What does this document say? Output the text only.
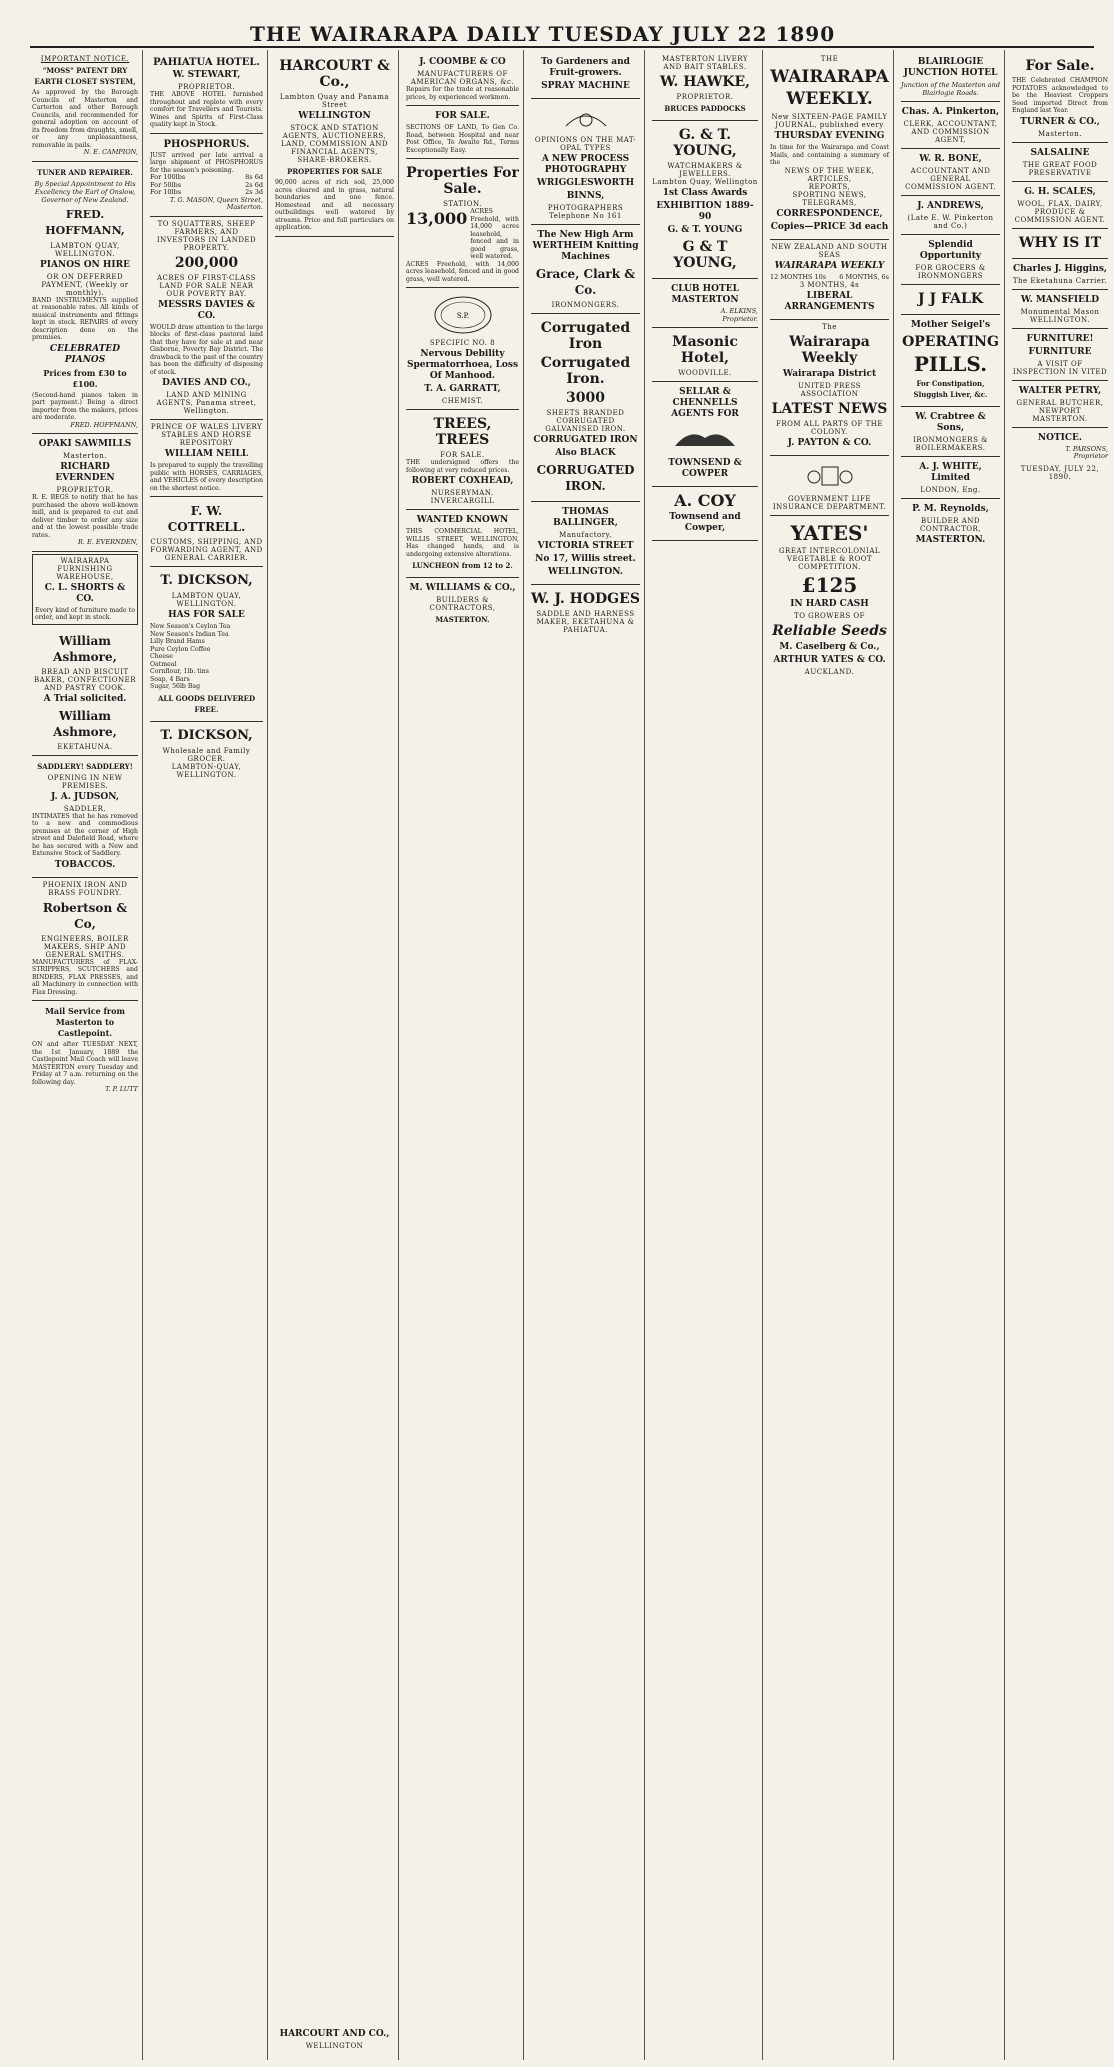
THE WAIRARAPA DAILY TUESDAY JULY 22 1890
IMPORTANT NOTICE.
"MOSS" PATENT DRY EARTH CLOSET SYSTEM,
As approved by the Borough Councils of Masterton and Carterton and other Borough Councils, and recommended for general adoption on account of its freedom from draughts, smell, or any unpleasantness, removable in pails.
N. E. CAMPION,
TUNER AND REPAIRER.
By Special Appointment to His Excellency the Earl of Onslow, Governor of New Zealand.
FRED. HOFFMANN,
LAMBTON QUAY, WELLINGTON.
PIANOS ON HIRE
OR ON DEFERRED PAYMENT, (Weekly or monthly).
BAND INSTRUMENTS supplied at reasonable rates. All kinds of musical instruments and fittings kept in stock. REPAIRS of every description done on the premises.
CELEBRATED PIANOS
Prices from £30 to £100.
(Second-hand pianos taken in part payment.) Being a direct importer from the makers, prices are moderate.
FRED. HOFFMANN,
OPAKI SAWMILLS
Masterton.
RICHARD EVERNDEN
PROPRIETOR.
R. E. BEGS to notify that he has purchased the above well-known mill, and is prepared to cut and deliver timber to order any size and at the lowest possible trade rates.
R. E. EVERNDEN,
WAIRARAPA FURNISHING WAREHOUSE,
C. L. SHORTS & CO.
Every kind of furniture made to order, and kept in stock.
William Ashmore,
BREAD AND BISCUIT BAKER, CONFECTIONER AND PASTRY COOK.
A Trial solicited.
William Ashmore,
EKETAHUNA.
SADDLERY! SADDLERY!
OPENING IN NEW PREMISES.
J. A. JUDSON,
SADDLER.
INTIMATES that he has removed to a new and commodious premises at the corner of High street and Dalefield Road, where he has secured with a New and Extensive Stock of Saddlery.
TOBACCOS.
PHOENIX IRON AND BRASS FOUNDRY.
Robertson & Co,
ENGINEERS, BOILER MAKERS, SHIP AND GENERAL SMITHS.
MANUFACTURERS of FLAX-STRIPPERS, SCUTCHERS and BINDERS, FLAX PRESSES, and all Machinery in connection with Flax Dressing.
Mail Service from Masterton to Castlepoint.
ON and after TUESDAY NEXT, the 1st January, 1889 the Castlepoint Mail Coach will leave MASTERTON every Tuesday and Friday at 7 a.m. returning on the following day.
T. P. LUTT
PAHIATUA HOTEL.
W. STEWART,
PROPRIETOR.
THE ABOVE HOTEL furnished throughout and replete with every comfort for Travellers and Tourists. Wines and Spirits of First-Class quality kept in Stock.
PHOSPHORUS.
JUST arrived per late arrival a large shipment of PHOSPHORUS for the season's poisoning.
For 100lbs	8s 6d
For 50lbs	2s 6d
For 10lbs	2s 3d
T. G. MASON, Queen Street, Masterton.
TO SQUATTERS, SHEEP FARMERS, AND INVESTORS IN LANDED PROPERTY.
200,000
ACRES OF FIRST-CLASS LAND FOR SALE NEAR OUR POVERTY BAY.
MESSRS DAVIES & CO.
WOULD draw attention to the large blocks of first-class pastoral land that they have for sale at and near Gisborne, Poverty Bay District. The drawback to the past of the country has been the difficulty of disposing of stock.
DAVIES AND CO.,
LAND AND MINING AGENTS, Panama street, Wellington.
PRINCE OF WALES LIVERY STABLES AND HORSE REPOSITORY
WILLIAM NEILL
Is prepared to supply the travelling public with HORSES, CARRIAGES, and VEHICLES of every description on the shortest notice.
F. W. COTTRELL.
CUSTOMS, SHIPPING, AND FORWARDING AGENT, AND GENERAL CARRIER.
T. DICKSON,
LAMBTON QUAY, WELLINGTON.
HAS FOR SALE
New Season's Ceylon Tea
New Season's Indian Tea
Lilly Brand Hams
Pure Ceylon Coffee
Cheese
Oatmeal
Cornflour, 1lb. tins
Soap, 4 Bars
Sugar, 56lb Bag
ALL GOODS DELIVERED FREE.
T. DICKSON,
Wholesale and Family GROCER.
LAMBTON-QUAY, WELLINGTON.
HARCOURT & Co.,
Lambton Quay and Panama Street
WELLINGTON
STOCK AND STATION AGENTS, AUCTIONEERS, LAND, COMMISSION AND FINANCIAL AGENTS, SHARE-BROKERS.
PROPERTIES FOR SALE
90,000 acres of rich soil, 25,000 acres cleared and in grass, natural boundaries and one fence. Homestead and all necessary outbuildings well watered by streams. Price and full particulars on application.
HARCOURT AND CO.,
WELLINGTON
J. COOMBE & CO
MANUFACTURERS OF AMERICAN ORGANS, &c.
Repairs for the trade at reasonable prices, by experienced workmen.
FOR SALE.
SECTIONS OF LAND, To Gen Co. Road, between Hospital and near Post Office, Te Awaite Rd., Terms Exceptionally Easy.
Properties For Sale.
STATION.
13,000 ACRES Freehold, with 14,000 acres leasehold, fenced and in good grass, well watered.
ACRES Freehold, with 14,000 acres leasehold, fenced and in good grass, well watered.
S.P.
SPECIFIC NO. 8
Nervous Debility Spermatorrhoea, Loss Of Manhood.
T. A. GARRATT,
CHEMIST.
TREES, TREES
FOR SALE.
THE undersigned offers the following at very reduced prices.
ROBERT COXHEAD,
NURSERYMAN.
INVERCARGILL
WANTED KNOWN
THIS COMMERCIAL HOTEL, WILLIS STREET, WELLINGTON, Has changed hands, and is undergoing extensive alterations.
LUNCHEON from 12 to 2.
M. WILLIAMS & CO.,
BUILDERS & CONTRACTORS,
MASTERTON.
To Gardeners and Fruit-growers.
SPRAY MACHINE
OPINIONS ON THE MAT-OPAL TYPES
A NEW PROCESS PHOTOGRAPHY
WRIGGLESWORTH
BINNS,
PHOTOGRAPHERS
Telephone No 161
The New High Arm WERTHEIM Knitting Machines
Grace, Clark & Co.
IRONMONGERS.
Corrugated Iron
Corrugated Iron.
3000
SHEETS BRANDED CORRUGATED GALVANISED IRON.
CORRUGATED IRON
Also BLACK
CORRUGATED IRON.
THOMAS BALLINGER,
Manufactory,
VICTORIA STREET
No 17, Willis street.
WELLINGTON.
W. J. HODGES
SADDLE AND HARNESS MAKER, EKETAHUNA & PAHIATUA.
MASTERTON LIVERY AND BAIT STABLES.
W. HAWKE,
PROPRIETOR.
BRUCES PADDOCKS
G. & T. YOUNG,
WATCHMAKERS & JEWELLERS.
Lambton Quay, Wellington
1st Class Awards
EXHIBITION 1889-90
G. & T. YOUNG
G & T YOUNG,
CLUB HOTEL MASTERTON
A. ELKINS,
Proprietor.
Masonic Hotel,
WOODVILLE.
SELLAR & CHENNELLS AGENTS FOR
TOWNSEND & COWPER
A. COY
Townsend and Cowper,
THE
WAIRARAPA WEEKLY.
New SIXTEEN-PAGE FAMILY JOURNAL, published every
THURSDAY EVENING
In time for the Wairarapa and Coast Mails, and containing a summary of the
NEWS OF THE WEEK,
ARTICLES,
REPORTS,
SPORTING NEWS,
TELEGRAMS,
CORRESPONDENCE,
Copies—PRICE 3d each
NEW ZEALAND AND SOUTH SEAS
WAIRARAPA WEEKLY
12 MONTHS 10s 6 MONTHS, 6s
3 MONTHS, 4s
LIBERAL ARRANGEMENTS
The
Wairarapa Weekly
Wairarapa District
UNITED PRESS ASSOCIATION
LATEST NEWS
FROM ALL PARTS OF THE COLONY.
J. PAYTON & CO.
GOVERNMENT LIFE INSURANCE DEPARTMENT.
YATES'
GREAT INTERCOLONIAL VEGETABLE & ROOT COMPETITION.
£125
IN HARD CASH
TO GROWERS OF
Reliable Seeds
M. Caselberg & Co.,
ARTHUR YATES & CO.
AUCKLAND.
BLAIRLOGIE JUNCTION HOTEL
Junction of the Masterton and Blairlogie Roads.
Chas. A. Pinkerton,
CLERK, ACCOUNTANT, AND COMMISSION AGENT,
W. R. BONE,
ACCOUNTANT AND GENERAL COMMISSION AGENT.
J. ANDREWS,
(Late E. W. Pinkerton and Co.)
Splendid Opportunity
FOR GROCERS & IRONMONGERS
J J FALK
Mother Seigel's
OPERATING
PILLS.
For Constipation, Sluggish Liver, &c.
W. Crabtree & Sons,
IRONMONGERS & BOILERMAKERS.
A. J. WHITE, Limited
LONDON, Eng.
P. M. Reynolds,
BUILDER AND CONTRACTOR,
MASTERTON.
For Sale.
THE Celebrated CHAMPION POTATOES acknowledged to be the Heaviest Croppers Seed imported Direct from England last Year.
TURNER & CO.,
Masterton.
SALSALINE
THE GREAT FOOD PRESERVATIVE
G. H. SCALES,
WOOL, FLAX, DAIRY, PRODUCE & COMMISSION AGENT.
WHY IS IT
Charles J. Higgins,
The Eketahuna Carrier.
W. MANSFIELD
Monumental Mason
WELLINGTON.
FURNITURE!
FURNITURE
A VISIT OF INSPECTION IN VITED
WALTER PETRY,
GENERAL BUTCHER, NEWPORT MASTERTON.
NOTICE.
T. PARSONS,
Proprietor
TUESDAY, JULY 22, 1890.
